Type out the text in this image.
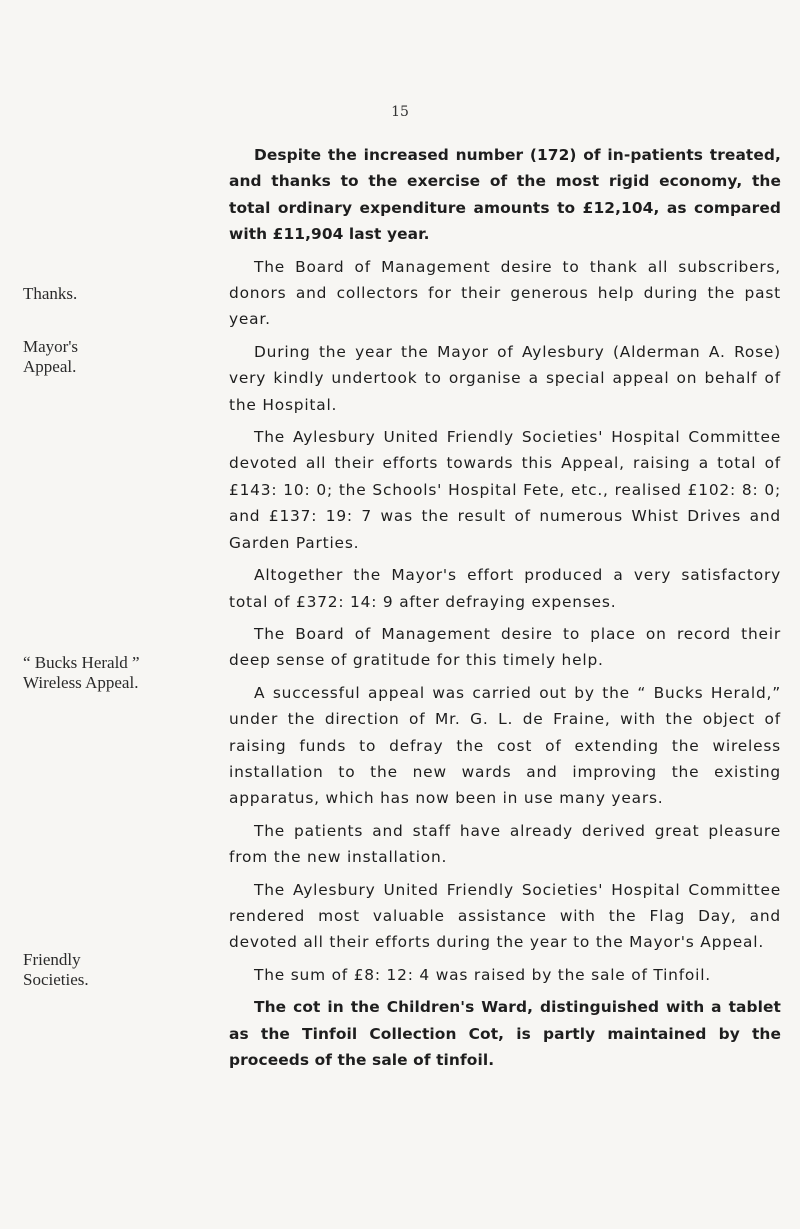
15
Thanks.
Mayor's Appeal.
“ Bucks Herald ” Wireless Appeal.
Friendly Societies.

Despite the increased number (172) of in-patients treated, and thanks to the exercise of the most rigid economy, the total ordinary expenditure amounts to £12,104, as compared with £11,904 last year.

The Board of Management desire to thank all subscribers, donors and collectors for their generous help during the past year.

During the year the Mayor of Aylesbury (Alderman A. Rose) very kindly undertook to organise a special appeal on behalf of the Hospital.

The Aylesbury United Friendly Societies' Hospital Committee devoted all their efforts towards this Appeal, raising a total of £143: 10: 0; the Schools' Hospital Fete, etc., realised £102: 8: 0; and £137: 19: 7 was the result of numerous Whist Drives and Garden Parties.

Altogether the Mayor's effort produced a very satisfactory total of £372: 14: 9 after defraying expenses.

The Board of Management desire to place on record their deep sense of gratitude for this timely help.

A successful appeal was carried out by the “ Bucks Herald,” under the direction of Mr. G. L. de Fraine, with the object of raising funds to defray the cost of extending the wireless installation to the new wards and improving the existing apparatus, which has now been in use many years.

The patients and staff have already derived great pleasure from the new installation.

The Aylesbury United Friendly Societies' Hospital Committee rendered most valuable assistance with the Flag Day, and devoted all their efforts during the year to the Mayor's Appeal.

The sum of £8: 12: 4 was raised by the sale of Tinfoil.

The cot in the Children's Ward, distinguished with a tablet as the Tinfoil Collection Cot, is partly maintained by the proceeds of the sale of tinfoil.
